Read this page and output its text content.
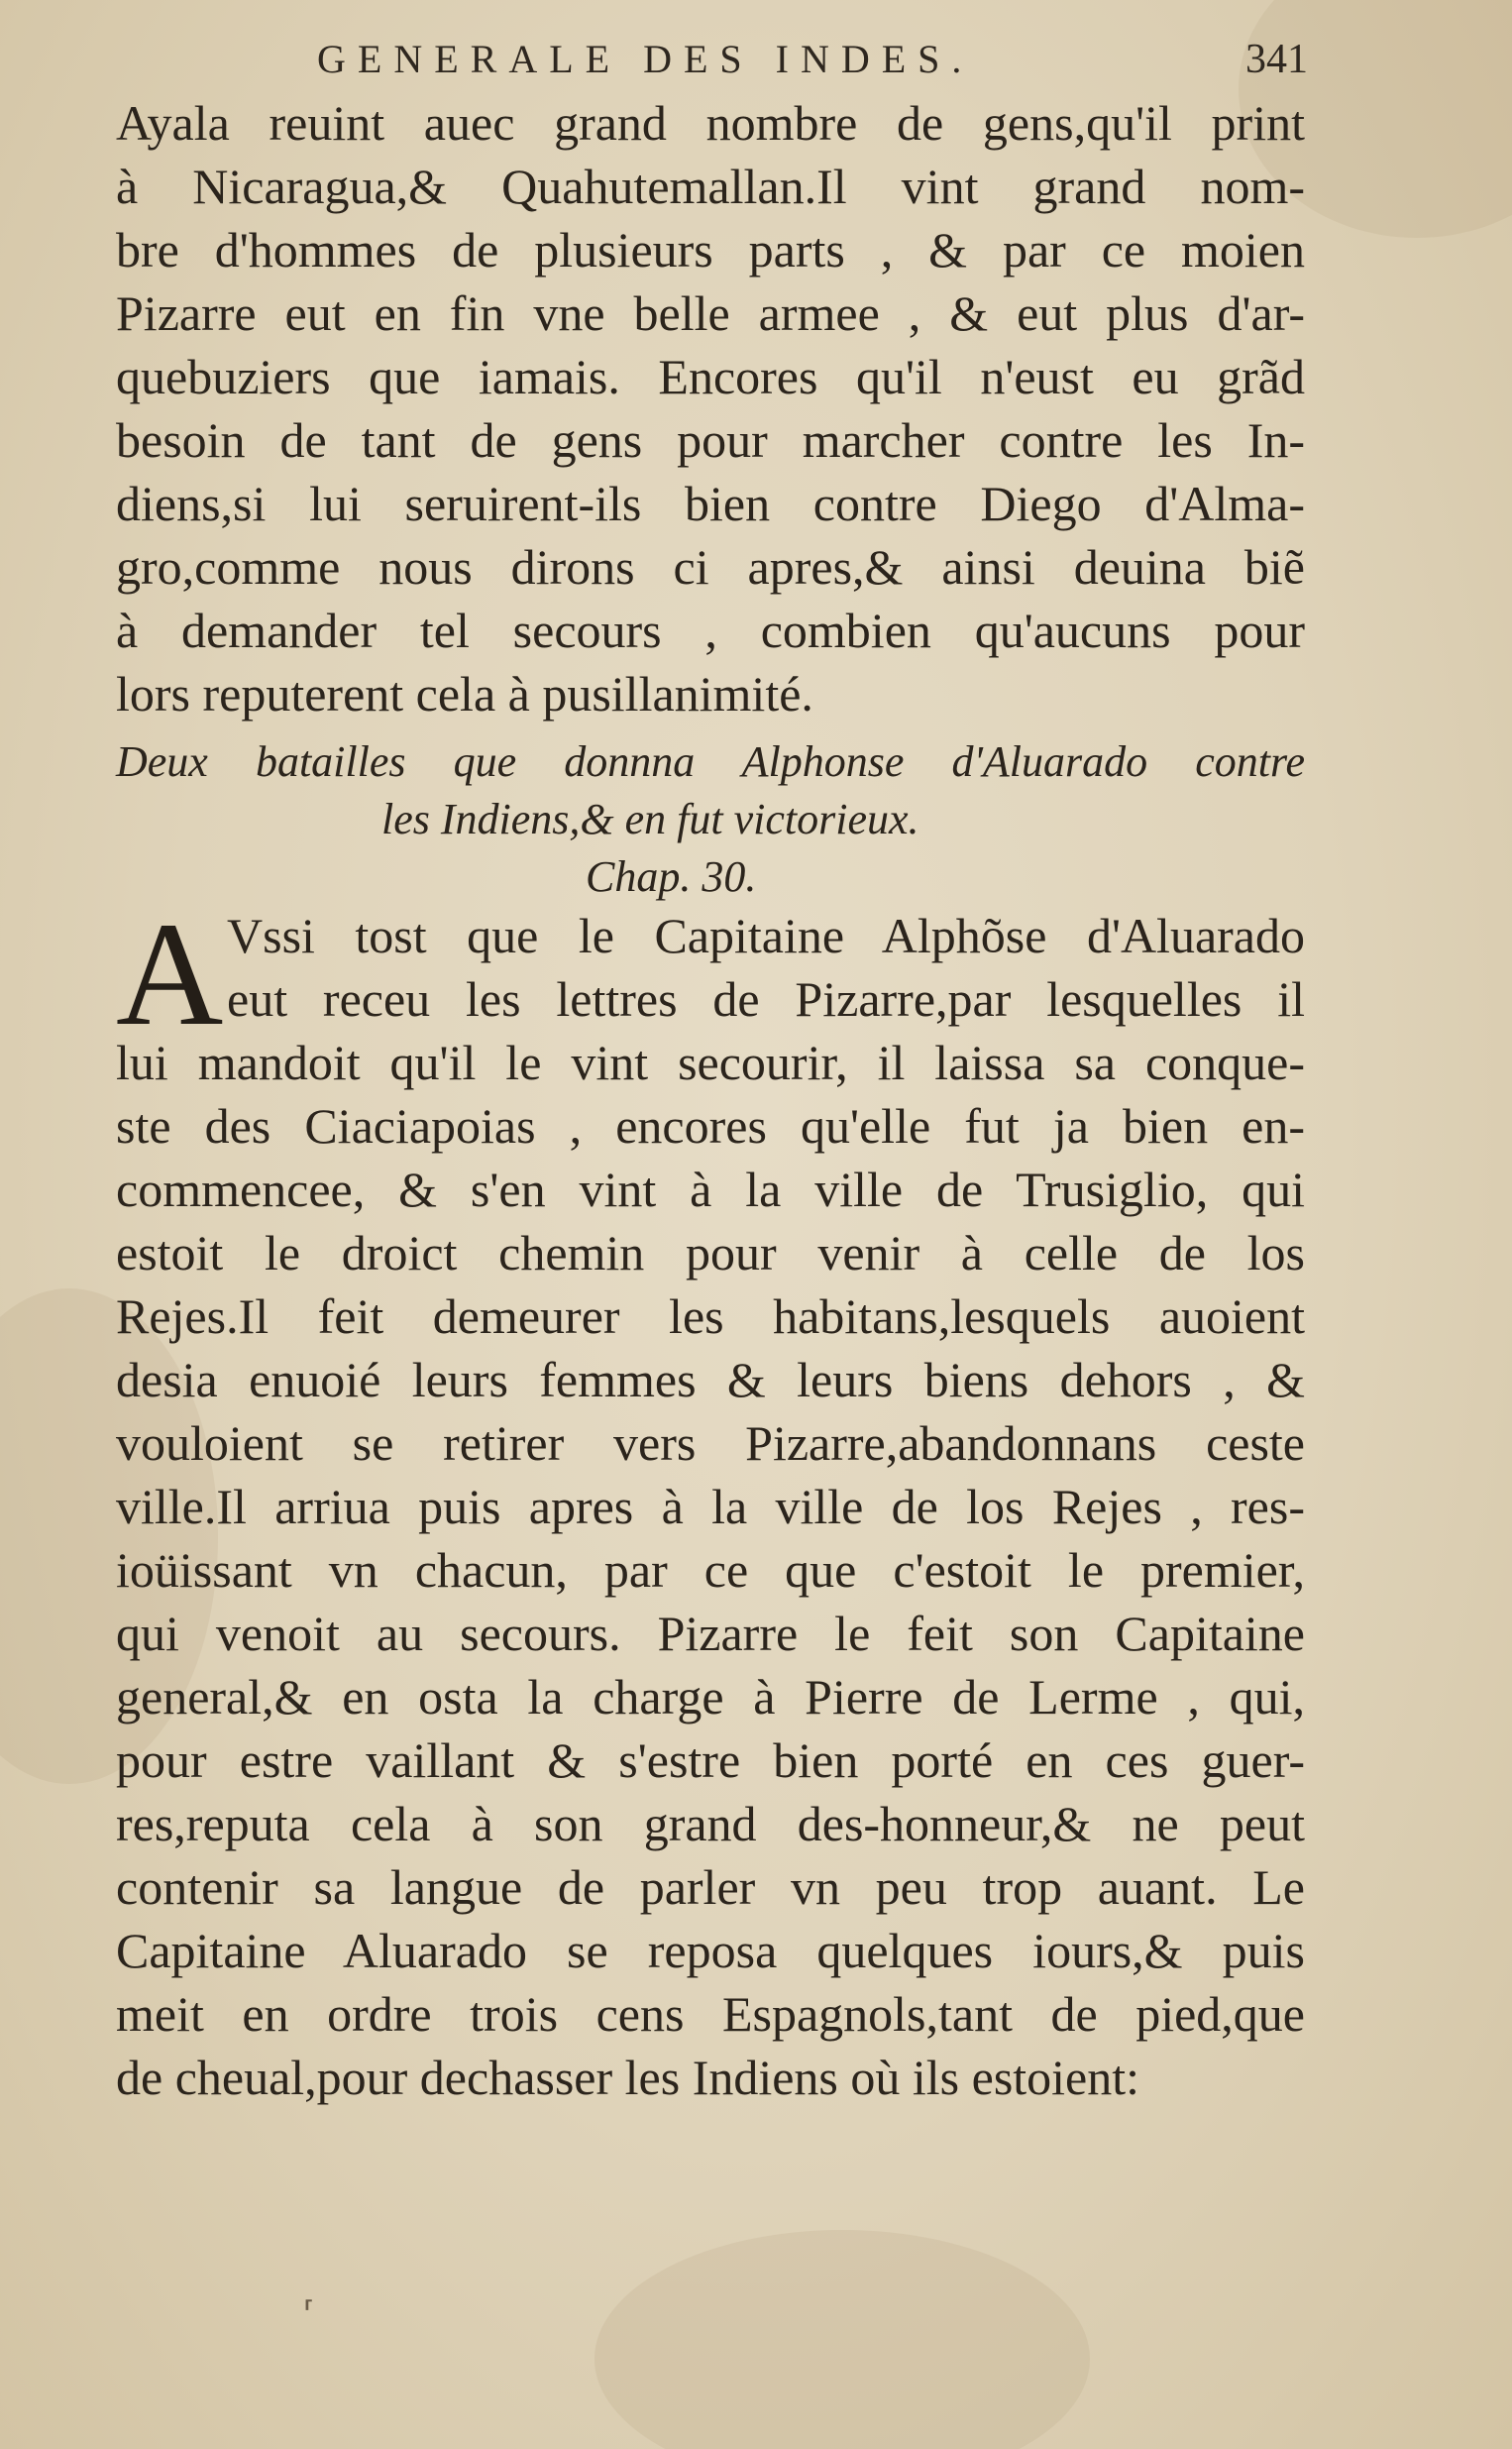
GENERALE DES INDES.	341
Ayala reuint auec grand nombre de gens,qu'il print
à Nicaragua,& Quahutemallan.Il vint grand nom-
bre d'hommes de plusieurs parts , & par ce moien
Pizarre eut en fin vne belle armee , & eut plus d'ar-
quebuziers que iamais. Encores qu'il n'eust eu grãd
besoin de tant de gens pour marcher contre les In-
diens,si lui seruirent-ils bien contre Diego d'Alma-
gro,comme nous dirons ci apres,& ainsi deuina biẽ
à demander tel secours , combien qu'aucuns pour
lors reputerent cela à pusillanimité.
Deux batailles que donnna Alphonse d'Aluarado contre
les Indiens,& en fut victorieux.
Chap. 30.
A Vssi tost que le Capitaine Alphõse d'Aluarado
eut receu les lettres de Pizarre,par lesquelles il
lui mandoit qu'il le vint secourir, il laissa sa conque-
ste des Ciaciapoias , encores qu'elle fut ja bien en-
commencee, & s'en vint à la ville de Trusiglio, qui
estoit le droict chemin pour venir à celle de los
Rejes.Il feit demeurer les habitans,lesquels auoient
desia enuoié leurs femmes & leurs biens dehors , &
vouloient se retirer vers Pizarre,abandonnans ceste
ville.Il arriua puis apres à la ville de los Rejes , res-
ioüissant vn chacun, par ce que c'estoit le premier,
qui venoit au secours. Pizarre le feit son Capitaine
general,& en osta la charge à Pierre de Lerme , qui,
pour estre vaillant & s'estre bien porté en ces guer-
res,reputa cela à son grand des-honneur,& ne peut
contenir sa langue de parler vn peu trop auant. Le
Capitaine Aluarado se reposa quelques iours,& puis
meit en ordre trois cens Espagnols,tant de pied,que
de cheual,pour dechasser les Indiens où ils estoient:
⸢
